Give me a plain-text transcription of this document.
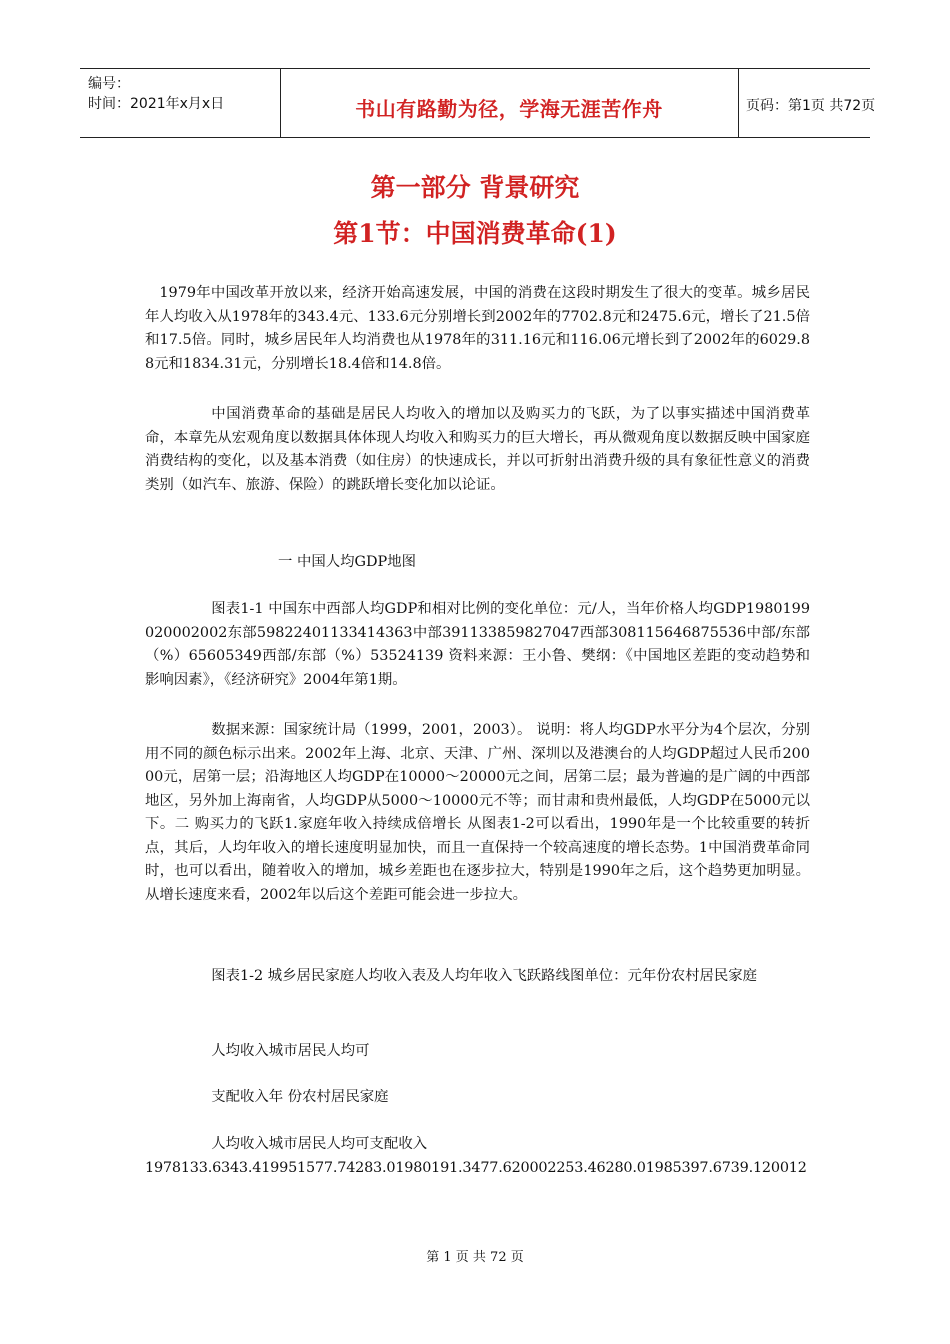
编号：
时间：2021年x月x日	书山有路勤为径，学海无涯苦作舟	页码：第1页 共72页
第一部分 背景研究
第1节：中国消费革命(1)
1979年中国改革开放以来，经济开始高速发展，中国的消费在这段时期发生了很大的变革。城乡居民年人均收入从1978年的343.4元、133.6元分别增长到2002年的7702.8元和2475.6元，增长了21.5倍和17.5倍。同时，城乡居民年人均消费也从1978年的311.16元和116.06元增长到了2002年的6029.88元和1834.31元，分别增长18.4倍和14.8倍。
中国消费革命的基础是居民人均收入的增加以及购买力的飞跃，为了以事实描述中国消费革命，本章先从宏观角度以数据具体体现人均收入和购买力的巨大增长，再从微观角度以数据反映中国家庭消费结构的变化，以及基本消费（如住房）的快速成长，并以可折射出消费升级的具有象征性意义的消费类别（如汽车、旅游、保险）的跳跃增长变化加以论证。
一 中国人均GDP地图
图表1-1 中国东中西部人均GDP和相对比例的变化单位：元/人，当年价格人均GDP1980199020002002东部59822401133414363中部391133859827047西部308115646875536中部/东部（%）65605349西部/东部（%）53524139 资料来源：王小鲁、樊纲：《中国地区差距的变动趋势和影响因素》，《经济研究》2004年第1期。
数据来源：国家统计局（1999，2001，2003）。 说明：将人均GDP水平分为4个层次，分别用不同的颜色标示出来。2002年上海、北京、天津、广州、深圳以及港澳台的人均GDP超过人民币20000元，居第一层；沿海地区人均GDP在10000～20000元之间，居第二层；最为普遍的是广阔的中西部地区，另外加上海南省，人均GDP从5000～10000元不等；而甘肃和贵州最低，人均GDP在5000元以下。二 购买力的飞跃1.家庭年收入持续成倍增长 从图表1-2可以看出，1990年是一个比较重要的转折点，其后，人均年收入的增长速度明显加快，而且一直保持一个较高速度的增长态势。1中国消费革命同时，也可以看出，随着收入的增加，城乡差距也在逐步拉大，特别是1990年之后，这个趋势更加明显。从增长速度来看，2002年以后这个差距可能会进一步拉大。
图表1-2 城乡居民家庭人均收入表及人均年收入飞跃路线图单位：元年份农村居民家庭
人均收入城市居民人均可
支配收入年 份农村居民家庭
人均收入城市居民人均可支配收入
1978133.6343.419951577.74283.01980191.3477.620002253.46280.01985397.6739.120012
第 1 页 共 72 页
